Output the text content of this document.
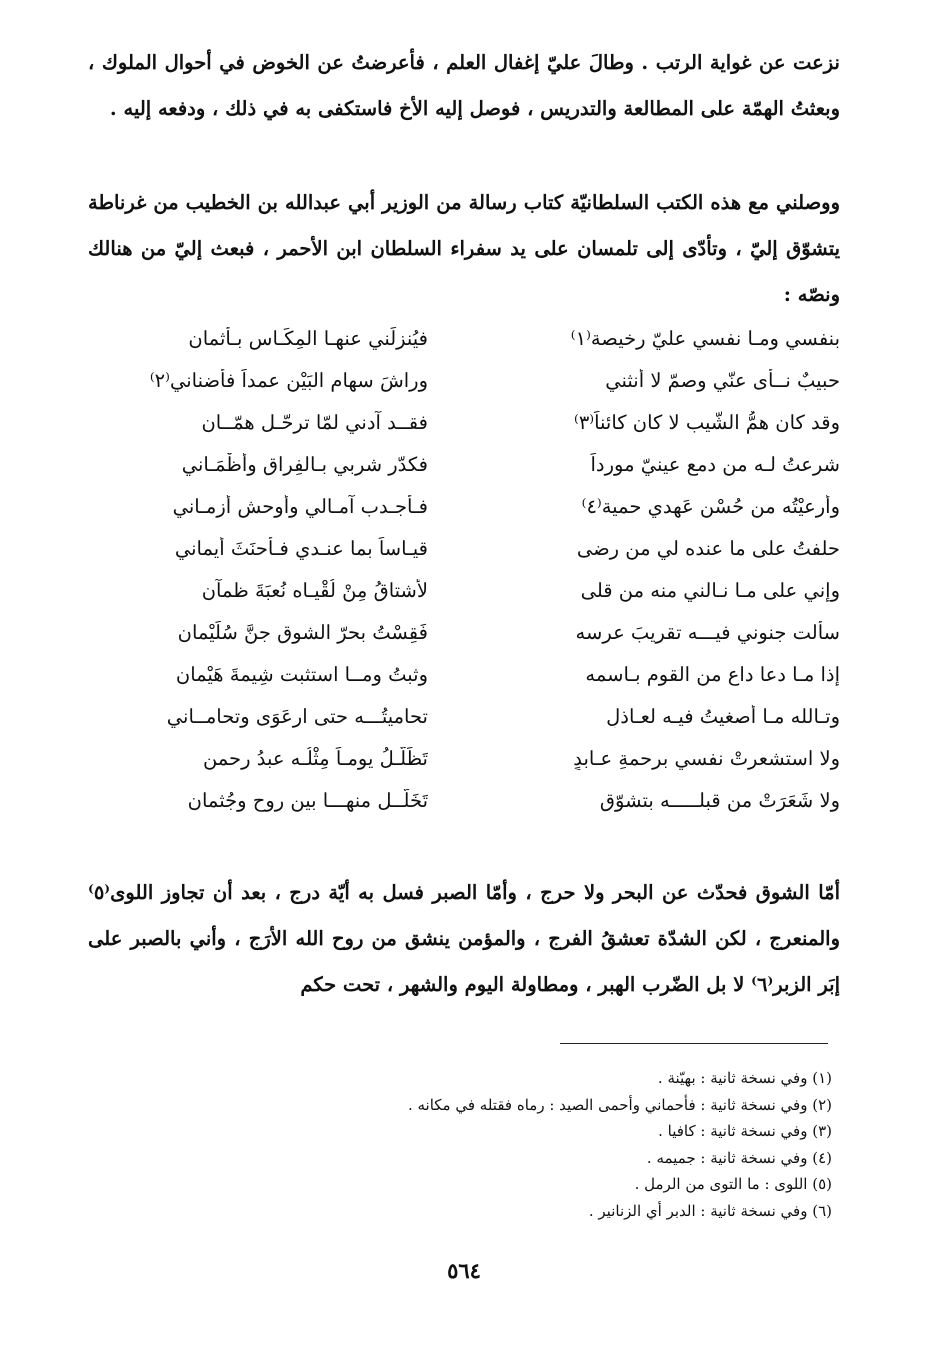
نزعت عن غواية الرتب . وطالَ عليّ إغفال العلم ، فأعرضتُ عن الخوض في أحوال الملوك ، وبعثتُ الهمّة على المطالعة والتدريس ، فوصل إليه الأخ فاستكفى به في ذلك ، ودفعه إليه .

ووصلني مع هذه الكتب السلطانيّة كتاب رسالة من الوزير أبي عبدالله بن الخطيب من غرناطة يتشوّق إليّ ، وتأدّى إلى تلمسان على يد سفراء السلطان ابن الأحمر ، فبعث إليّ من هنالك ونصّه :

بنفسي ومـا نفسي عليّ رخيصة⁽١⁾
فيُنزِلَني عنهـا المِكَـاس بـأثمانِ
حبيبٌ نــأى عنّي وصمّ لا أنثني
وراشَ سهام البَيْن عمداً فأضناني⁽٢⁾
وقد كان همُّ الشّيب لا كان كائناً⁽٣⁾
فقــد آدني لمّا ترحّـل همّــان
شرعتُ لـه من دمع عينيّ مورداً
فكدّر شربي بـالفِراق وأظْمَـاني
وأرعيْتُه من حُسْنِ عَهدي حمية⁽٤⁾
فـأجـدب آمـالي وأوحش أزمـاني
حلفتُ على ما عنده لي من رضى
قيـاساً بما عنـدي فـأحنَثَ أيماني
وإني على مـا نـالني منه من قلى
لأشتاقُ مِنْ لُقْيـاه نُعبَةَ ظمآنِ
سألت جنوني فيـــه تقريبَ عرسه
فَقِسْتُ بحرّ الشوقِ جنَّ سُلَيْمانِ
إذا مـا دعا داعٍ من القوم بـاسمه
وثبتُ ومــا استثبت شِيمةَ هَيْمانِ
وتـالله مـا أصغيتُ فيـه لعـاذلٍ
تحاميتُـــه حتى ارعَوَى وتحامــاني
ولا استشعرتْ نفسي برحمةِ عـابدٍ
تَظَلَّـلُ يومـاً مِثْلُـه عبدُ رحمنِ
ولا شَعَرَتْ من قبلـــــه بتشوّقٍ
تَخَلّــل منهـــا بين روحٍ وجُثمانِ

أمّا الشوق فحدّث عن البحر ولا حرج ، وأمّا الصبر فسل به أيّة درج ، بعد أن تجاوز اللوى⁽٥⁾ والمنعرج ، لكن الشدّة تعشقُ الفرج ، والمؤمن ينشق من روح الله الأرَج ، وأني بالصبر على إبَر الزبر⁽٦⁾ لا بل الضّرب الهبر ، ومطاولة اليوم والشهر ، تحت حكم

(١) وفي نسخة ثانية : بهيّنة .
(٢) وفي نسخة ثانية : فأحماني وأحمى الصيد : رماه فقتله في مكانه .
(٣) وفي نسخة ثانية : كافيا .
(٤) وفي نسخة ثانية : جميمه .
(٥) اللوى : ما التوى من الرمل .
(٦) وفي نسخة ثانية : الدبر أي الزنانير .
٥٦٤
